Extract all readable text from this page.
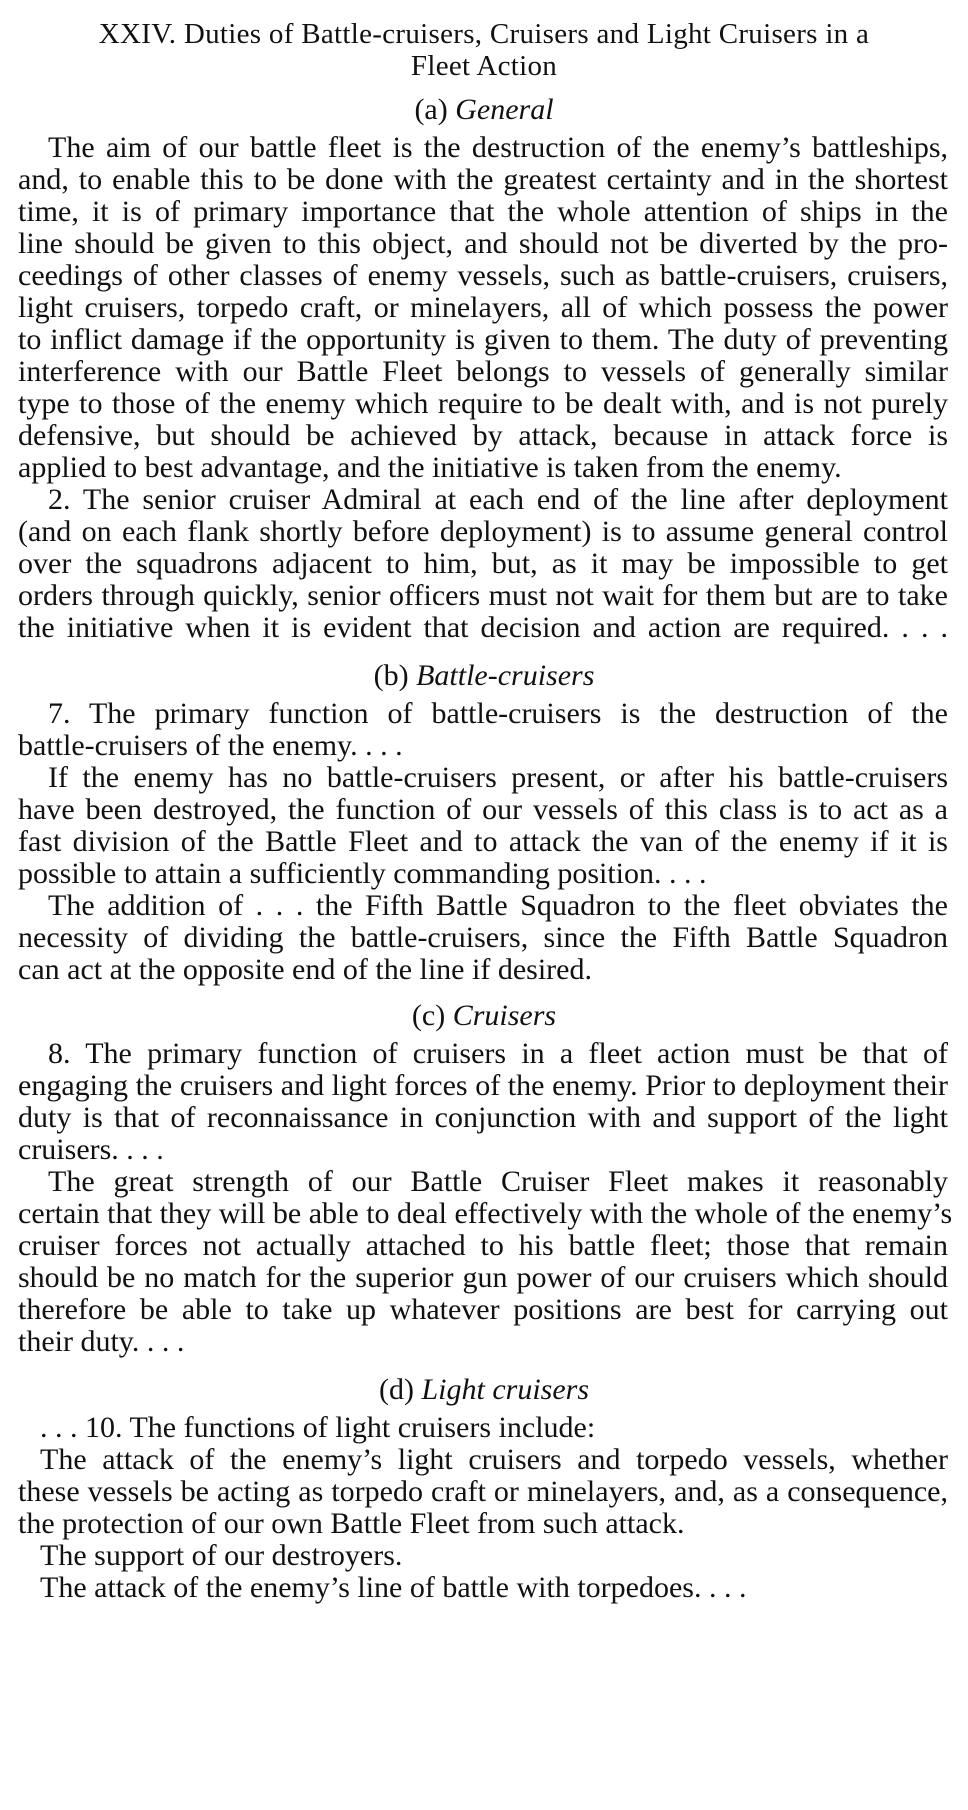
XXIV. Duties of Battle-cruisers, Cruisers and Light Cruisers in a
Fleet Action
(a) General
The aim of our battle fleet is the destruction of the enemy’s battleships,
and, to enable this to be done with the greatest certainty and in the shortest
time, it is of primary importance that the whole attention of ships in the
line should be given to this object, and should not be diverted by the pro-
ceedings of other classes of enemy vessels, such as battle-cruisers, cruisers,
light cruisers, torpedo craft, or minelayers, all of which possess the power
to inflict damage if the opportunity is given to them. The duty of preventing
interference with our Battle Fleet belongs to vessels of generally similar
type to those of the enemy which require to be dealt with, and is not purely
defensive, but should be achieved by attack, because in attack force is
applied to best advantage, and the initiative is taken from the enemy.
2. The senior cruiser Admiral at each end of the line after deployment
(and on each flank shortly before deployment) is to assume general control
over the squadrons adjacent to him, but, as it may be impossible to get
orders through quickly, senior officers must not wait for them but are to take
the initiative when it is evident that decision and action are required. . . .
(b) Battle-cruisers
7. The primary function of battle-cruisers is the destruction of the
battle-cruisers of the enemy. . . .
If the enemy has no battle-cruisers present, or after his battle-cruisers
have been destroyed, the function of our vessels of this class is to act as a
fast division of the Battle Fleet and to attack the van of the enemy if it is
possible to attain a sufficiently commanding position. . . .
The addition of . . . the Fifth Battle Squadron to the fleet obviates the
necessity of dividing the battle-cruisers, since the Fifth Battle Squadron
can act at the opposite end of the line if desired.
(c) Cruisers
8. The primary function of cruisers in a fleet action must be that of
engaging the cruisers and light forces of the enemy. Prior to deployment their
duty is that of reconnaissance in conjunction with and support of the light
cruisers. . . .
The great strength of our Battle Cruiser Fleet makes it reasonably
certain that they will be able to deal effectively with the whole of the enemy’s
cruiser forces not actually attached to his battle fleet; those that remain
should be no match for the superior gun power of our cruisers which should
therefore be able to take up whatever positions are best for carrying out
their duty. . . .
(d) Light cruisers
. . . 10. The functions of light cruisers include:
The attack of the enemy’s light cruisers and torpedo vessels, whether
these vessels be acting as torpedo craft or minelayers, and, as a consequence,
the protection of our own Battle Fleet from such attack.
The support of our destroyers.
The attack of the enemy’s line of battle with torpedoes. . . .
